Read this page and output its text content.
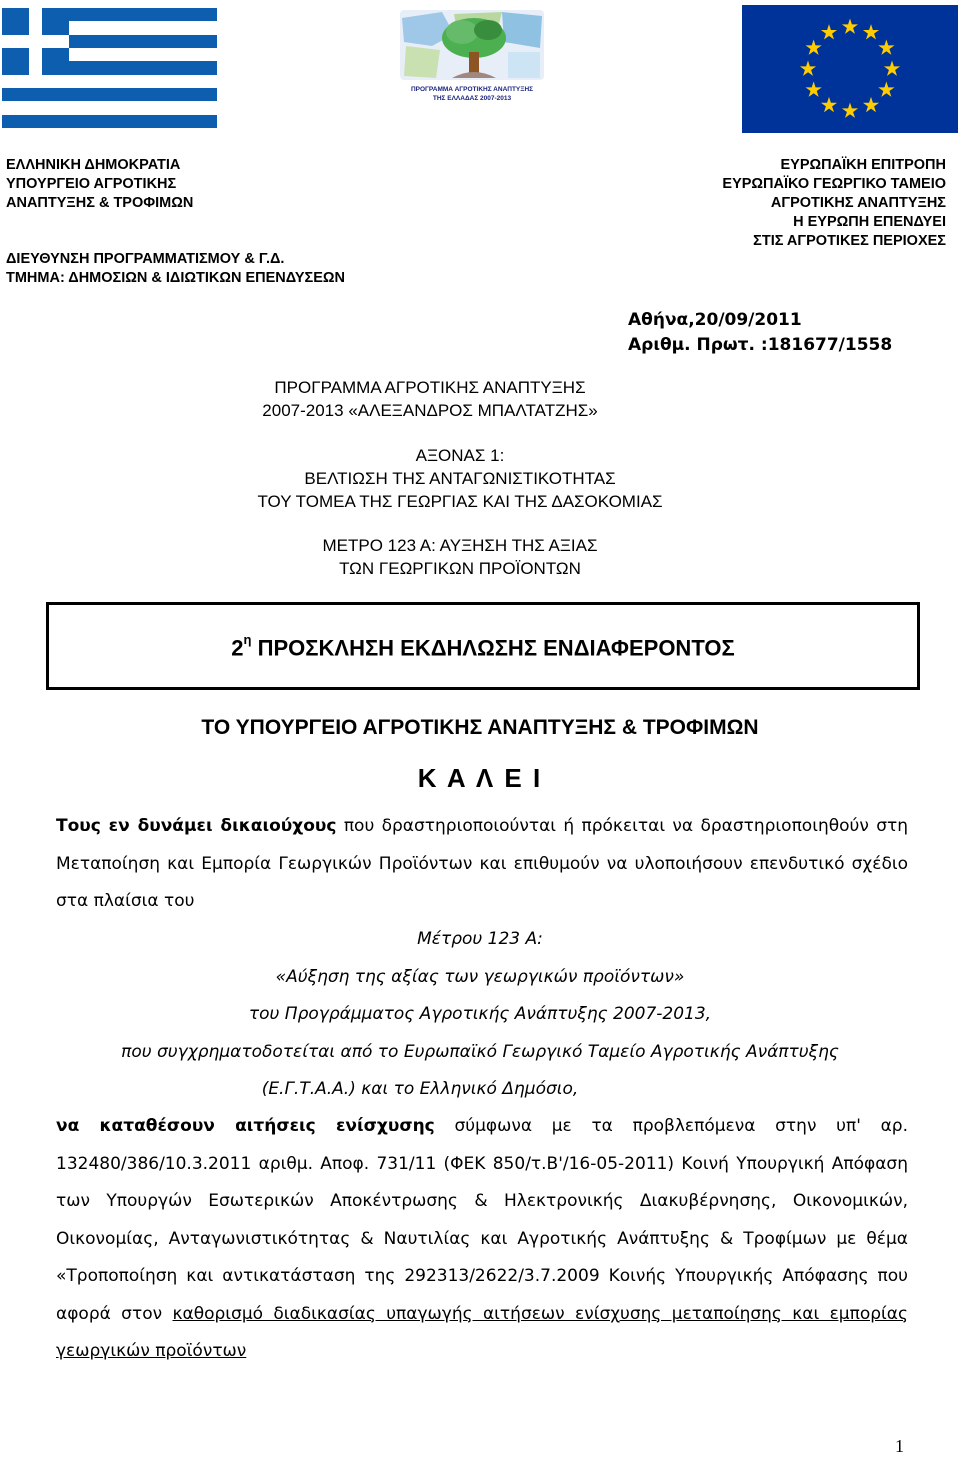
ΠΡΟΓΡΑΜΜΑ ΑΓΡΟΤΙΚΗΣ ΑΝΑΠΤΥΞΗΣ
ΤΗΣ ΕΛΛΑΔΑΣ 2007-2013
ΕΛΛΗΝΙΚΗ ΔΗΜΟΚΡΑΤΙΑ
ΥΠΟΥΡΓΕΙΟ ΑΓΡΟΤΙΚΗΣ
ΑΝΑΠΤΥΞΗΣ & ΤΡΟΦΙΜΩΝ
ΔΙΕΥΘΥΝΣΗ ΠΡΟΓΡΑΜΜΑΤΙΣΜΟΥ & Γ.Δ.
ΤΜΗΜΑ: ΔΗΜΟΣΙΩΝ & ΙΔΙΩΤΙΚΩΝ ΕΠΕΝΔΥΣΕΩΝ
ΕΥΡΩΠΑΪΚΗ ΕΠΙΤΡΟΠΗ
ΕΥΡΩΠΑΪΚΟ ΓΕΩΡΓΙΚΟ ΤΑΜΕΙΟ
ΑΓΡΟΤΙΚΗΣ ΑΝΑΠΤΥΞΗΣ
Η ΕΥΡΩΠΗ ΕΠΕΝΔΥΕΙ
ΣΤΙΣ ΑΓΡΟΤΙΚΕΣ ΠΕΡΙΟΧΕΣ
Αθήνα,20/09/2011
Αριθμ. Πρωτ. :181677/1558
ΠΡΟΓΡΑΜΜΑ ΑΓΡΟΤΙΚΗΣ ΑΝΑΠΤΥΞΗΣ
2007-2013 «ΑΛΕΞΑΝΔΡΟΣ ΜΠΑΛΤΑΤΖΗΣ»
ΑΞΟΝΑΣ 1:
ΒΕΛΤΙΩΣΗ ΤΗΣ ΑΝΤΑΓΩΝΙΣΤΙΚΟΤΗΤΑΣ
ΤΟΥ ΤΟΜΕΑ ΤΗΣ ΓΕΩΡΓΙΑΣ ΚΑΙ ΤΗΣ ΔΑΣΟΚΟΜΙΑΣ
ΜΕΤΡΟ 123 Α: ΑΥΞΗΣΗ ΤΗΣ ΑΞΙΑΣ
ΤΩΝ ΓΕΩΡΓΙΚΩΝ ΠΡΟΪΟΝΤΩΝ
$2^\eta$ ΠΡΟΣΚΛΗΣΗ ΕΚΔΗΛΩΣΗΣ ΕΝΔΙΑΦΕΡΟΝΤΟΣ
ΤΟ ΥΠΟΥΡΓΕΙΟ ΑΓΡΟΤΙΚΗΣ ΑΝΑΠΤΥΞΗΣ & ΤΡΟΦΙΜΩΝ
Κ Α Λ Ε Ι
Τους εν δυνάμει δικαιούχους που δραστηριοποιούνται ή πρόκειται να δραστηριοποιηθούν στη Μεταποίηση και Εμπορία Γεωργικών Προϊόντων και επιθυμούν να υλοποιήσουν επενδυτικό σχέδιο στα πλαίσια του
Μέτρου 123 Α:
«Αύξηση της αξίας των γεωργικών προϊόντων»
του Προγράμματος Αγροτικής Ανάπτυξης 2007-2013,
που συγχρηματοδοτείται από το Ευρωπαϊκό Γεωργικό Ταμείο Αγροτικής Ανάπτυξης
(Ε.Γ.Τ.Α.Α.) και το Ελληνικό Δημόσιο,
να καταθέσουν αιτήσεις ενίσχυσης σύμφωνα με τα προβλεπόμενα στην υπ' αρ. 132480/386/10.3.2011 αριθμ. Αποφ. 731/11 (ΦΕΚ 850/τ.Β'/16-05-2011) Κοινή Υπουργική Απόφαση των Υπουργών Εσωτερικών Αποκέντρωσης & Ηλεκτρονικής Διακυβέρνησης, Οικονομικών, Οικονομίας, Ανταγωνιστικότητας & Ναυτιλίας και Αγροτικής Ανάπτυξης & Τροφίμων με θέμα «Τροποποίηση και αντικατάσταση της 292313/2622/3.7.2009 Κοινής Υπουργικής Απόφασης που αφορά στον καθορισμό διαδικασίας υπαγωγής αιτήσεων ενίσχυσης μεταποίησης και εμπορίας γεωργικών προϊόντων
1
